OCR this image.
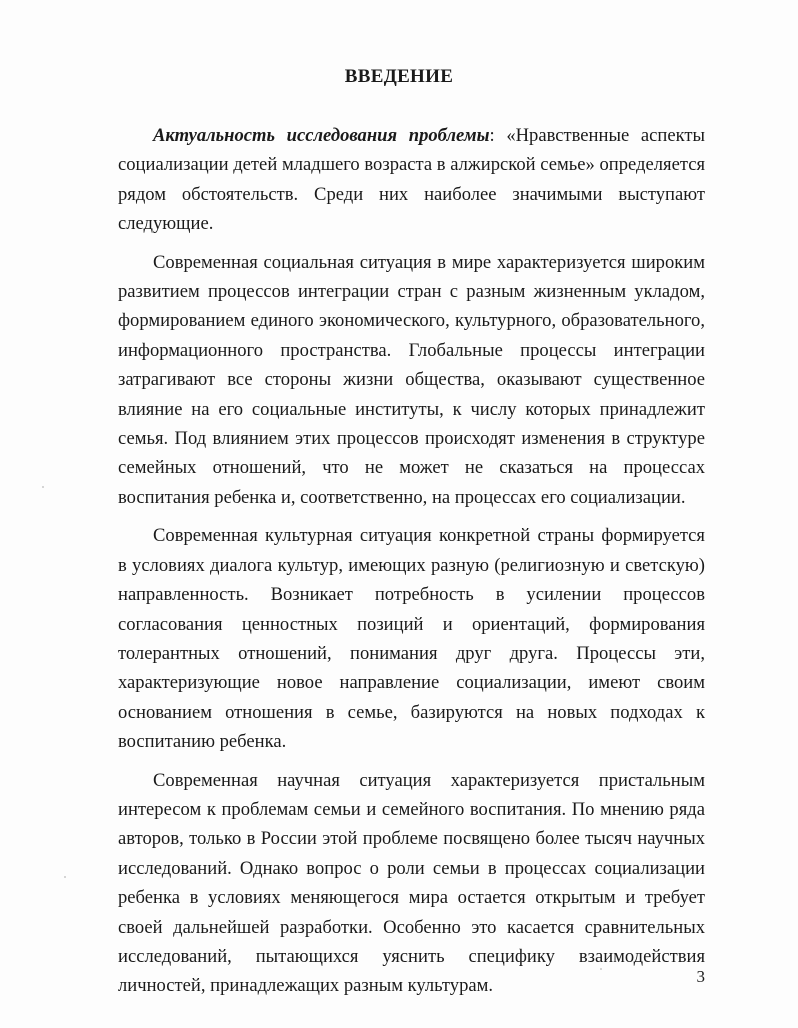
ВВЕДЕНИЕ

Актуальность исследования проблемы: «Нравственные аспекты социализации детей младшего возраста в алжирской семье» определяется рядом обстоятельств. Среди них наиболее значимыми выступают следующие.

Современная социальная ситуация в мире характеризуется широким развитием процессов интеграции стран с разным жизненным укладом, формированием единого экономического, культурного, образовательного, информационного пространства. Глобальные процессы интеграции затрагивают все стороны жизни общества, оказывают существенное влияние на его социальные институты, к числу которых принадлежит семья. Под влиянием этих процессов происходят изменения в структуре семейных отношений, что не может не сказаться на процессах воспитания ребенка и, соответственно, на процессах его социализации.

Современная культурная ситуация конкретной страны формируется в условиях диалога культур, имеющих разную (религиозную и светскую) направленность. Возникает потребность в усилении процессов согласования ценностных позиций и ориентаций, формирования толерантных отношений, понимания друг друга. Процессы эти, характеризующие новое направление социализации, имеют своим основанием отношения в семье, базируются на новых подходах к воспитанию ребенка.

Современная научная ситуация характеризуется пристальным интересом к проблемам семьи и семейного воспитания. По мнению ряда авторов, только в России этой проблеме посвящено более тысяч научных исследований. Однако вопрос о роли семьи в процессах социализации ребенка в условиях меняющегося мира остается открытым и требует своей дальнейшей разработки. Особенно это касается сравнительных исследований, пытающихся уяснить специфику взаимодействия личностей, принадлежащих разным культурам.	3
